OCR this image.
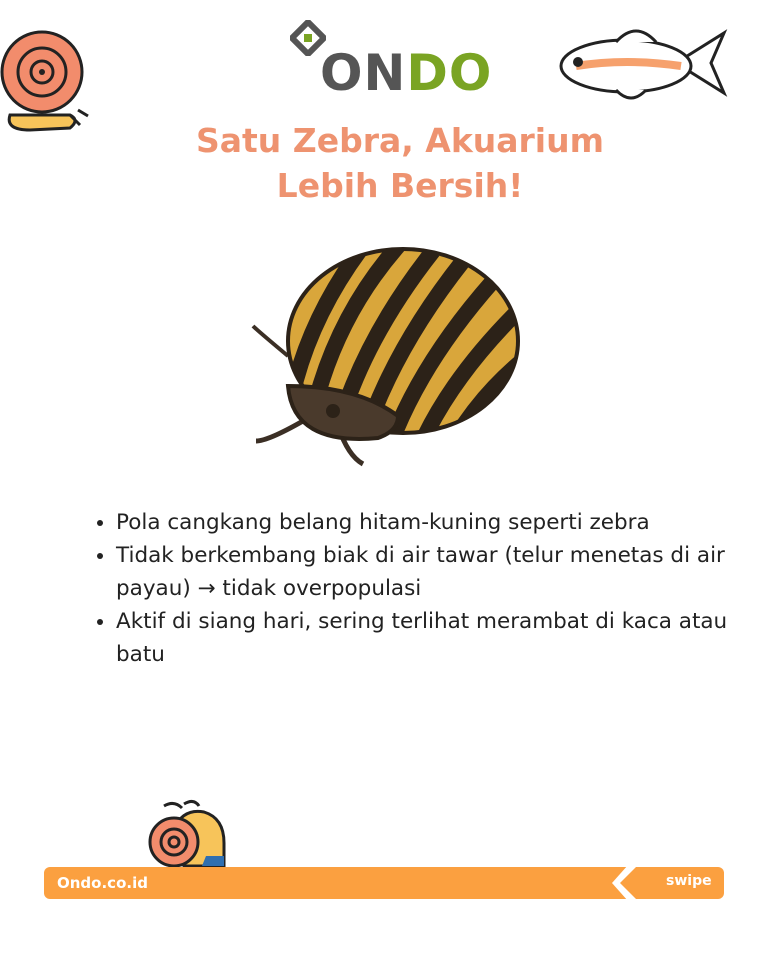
ONDO
Satu Zebra, Akuarium
Lebih Bersih!
• Pola cangkang belang hitam-kuning seperti zebra
• Tidak berkembang biak di air tawar (telur menetas di air payau) → tidak overpopulasi
• Aktif di siang hari, sering terlihat merambat di kaca atau batu
Ondo.co.id	swipe
